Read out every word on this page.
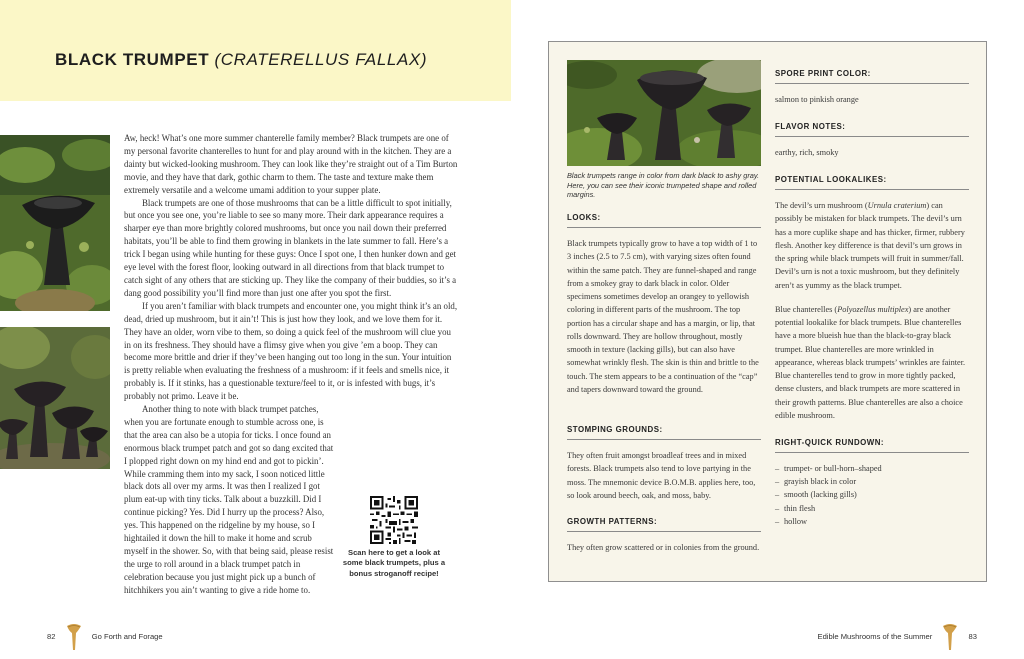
BLACK TRUMPET (CRATERELLUS FALLAX)

Aw, heck! What’s one more summer chanterelle family member? Black trumpets are one of my personal favorite chanterelles to hunt for and play around with in the kitchen. They are a dainty but wicked-looking mushroom. They can look like they’re straight out of a Tim Burton movie, and they have that dark, gothic charm to them. The taste and texture make them extremely versatile and a welcome umami addition to your supper plate.

Black trumpets are one of those mushrooms that can be a little difficult to spot initially, but once you see one, you’re liable to see so many more. Their dark appearance requires a sharper eye than more brightly colored mushrooms, but once you nail down their preferred habitats, you’ll be able to find them growing in blankets in the late summer to fall. Here’s a trick I began using while hunting for these guys: Once I spot one, I then hunker down and get eye level with the forest floor, looking outward in all directions from that black trumpet to catch sight of any others that are sticking up. They like the company of their buddies, so it’s a dang good possibility you’ll find more than just one after you spot the first.

If you aren’t familiar with black trumpets and encounter one, you might think it’s an old, dead, dried up mushroom, but it ain’t! This is just how they look, and we love them for it. They have an older, worn vibe to them, so doing a quick feel of the mushroom will clue you in on its freshness. They should have a flimsy give when you give ’em a boop. They can become more brittle and drier if they’ve been hanging out too long in the sun. Your intuition is pretty reliable when evaluating the freshness of a mushroom: if it feels and smells nice, it probably is. If it stinks, has a questionable texture/feel to it, or is infested with bugs, it’s probably not primo. Leave it be.

Another thing to note with black trumpet patches, when you are fortunate enough to stumble across one, is that the area can also be a utopia for ticks. I once found an enormous black trumpet patch and got so dang excited that I plopped right down on my hind end and got to pickin’. While cramming them into my sack, I soon noticed little black dots all over my arms. It was then I realized I got plum eat-up with tiny ticks. Talk about a buzzkill. Did I continue picking? Yes. Did I hurry up the process? Also, yes. This happened on the ridgeline by my house, so I hightailed it down the hill to make it home and scrub myself in the shower. So, with that being said, please resist the urge to roll around in a black trumpet patch in celebration because you just might pick up a bunch of hitchhikers you ain’t wanting to give a ride home to.

Scan here to get a look at some black trumpets, plus a bonus stroganoff recipe!
82	Go Forth and Forage
Black trumpets range in color from dark black to ashy gray. Here, you can see their iconic trumpeted shape and rolled margins.
LOOKS:
Black trumpets typically grow to have a top width of 1 to 3 inches (2.5 to 7.5 cm), with varying sizes often found within the same patch. They are funnel-shaped and range from a smokey gray to dark black in color. Older specimens sometimes develop an orangey to yellowish coloring in different parts of the mushroom. The top portion has a circular shape and has a margin, or lip, that rolls downward. They are hollow throughout, mostly smooth in texture (lacking gills), but can also have somewhat wrinkly flesh. The skin is thin and brittle to the touch. The stem appears to be a continuation of the “cap” and tapers downward toward the ground.
STOMPING GROUNDS:
They often fruit amongst broadleaf trees and in mixed forests. Black trumpets also tend to love partying in the moss. The mnemonic device B.O.M.B. applies here, too, so look around beech, oak, and moss, baby.
GROWTH PATTERNS:
They often grow scattered or in colonies from the ground.
SPORE PRINT COLOR:
salmon to pinkish orange
FLAVOR NOTES:
earthy, rich, smoky
POTENTIAL LOOKALIKES:

The devil’s urn mushroom (Urnula craterium) can possibly be mistaken for black trumpets. The devil’s urn has a more cuplike shape and has thicker, firmer, rubbery flesh. Another key difference is that devil’s urn grows in the spring while black trumpets will fruit in summer/fall. Devil’s urn is not a toxic mushroom, but they definitely aren’t as yummy as the black trumpet.

Blue chanterelles (Polyozellus multiplex) are another potential lookalike for black trumpets. Blue chanterelles have a more blueish hue than the black-to-gray black trumpet. Blue chanterelles are more wrinkled in appearance, whereas black trumpets’ wrinkles are fainter. Blue chanterelles tend to grow in more tightly packed, dense clusters, and black trumpets are more scattered in their growth patterns. Blue chanterelles are also a choice edible mushroom.

RIGHT-QUICK RUNDOWN:
– trumpet- or bull-horn–shaped
– grayish black in color
– smooth (lacking gills)
– thin flesh
– hollow
Edible Mushrooms of the Summer	83
